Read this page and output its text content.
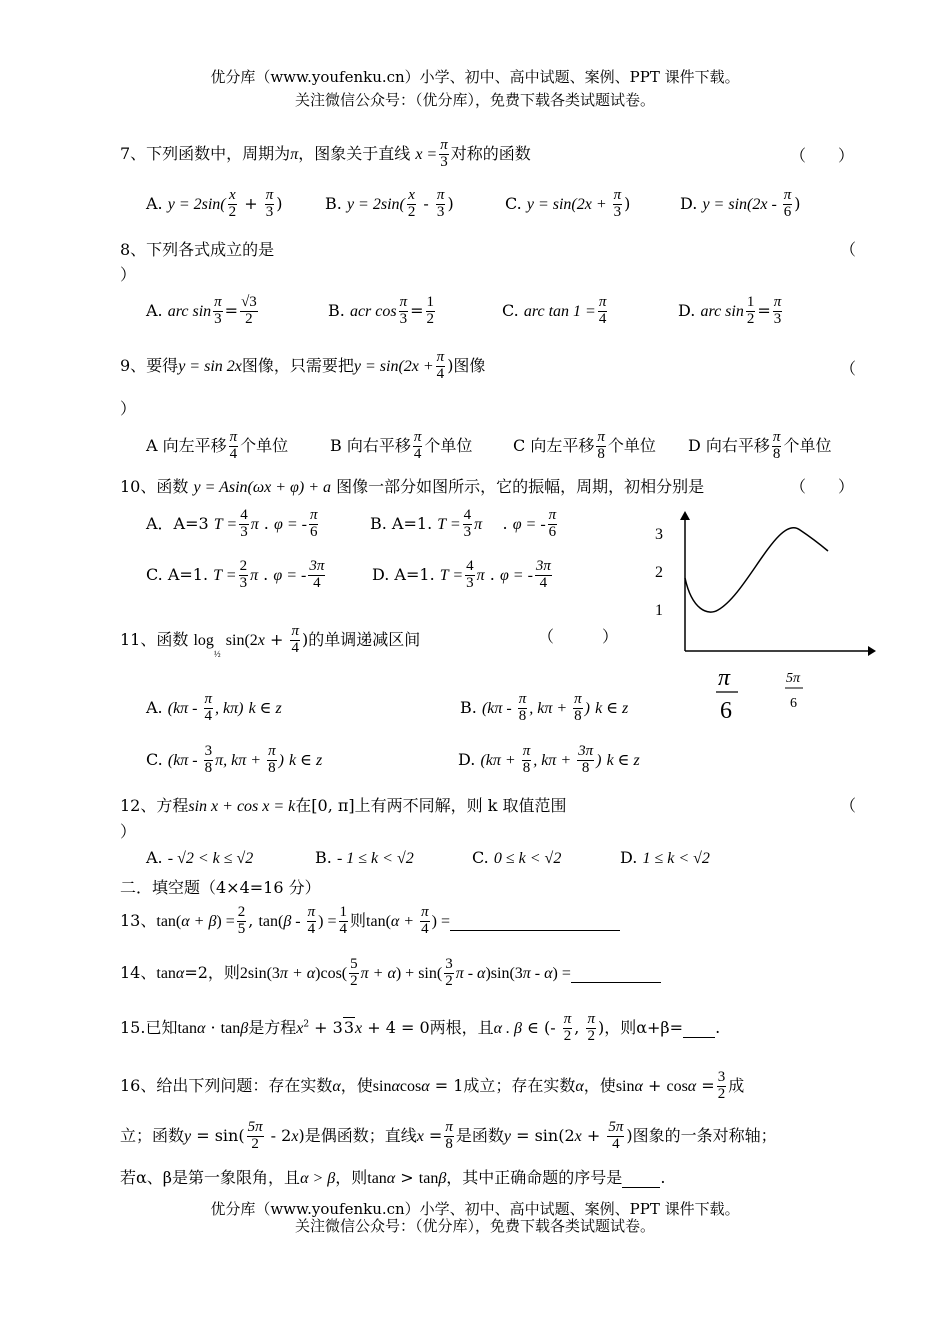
优分库（www.youfenku.cn）小学、初中、高中试题、案例、PPT 课件下载。
关注微信公众号：（优分库），免费下载各类试题试卷。
7、下列函数中，周期为π，图象关于直线 $x = \frac{\pi}{3}$ 对称的函数	（　　）
A. $y = 2\sin( \frac{x}{2} + \frac{\pi}{3}$ )	B. $y = 2\sin( \frac{x}{2} - \frac{\pi}{3}$ )	C. $y = \sin(2x + \frac{\pi}{3}$ )	D. $y = \sin(2x - \frac{\pi}{6}$ )
8、下列各式成立的是	（
）
A. arc $\sin \frac{\pi}{3} = \frac{√3}{2}$	B. acr $\cos \frac{\pi}{3} = \frac{1}{2}$	C. arc $\tan 1 = \frac{\pi}{4}$	D. arc $\sin \frac{1}{2} = \frac{\pi}{3}$
9、要得y = sin 2x图像，只需要把$y = \sin(2x + \frac{\pi}{4}$ )图像	（
）
A 向左平移 $\frac{\pi}{4}$ 个单位	B 向右平移 $\frac{\pi}{4}$ 个单位	C 向左平移 $\frac{\pi}{8}$ 个单位 D 向右平移 $\frac{\pi}{8}$ 个单位
10、函数 y = Asin(ωx + φ) + a 图像一部分如图所示，它的振幅，周期，初相分别是	（　　）
A．A=3 $T = \frac{4}{3}$ π . φ = - $\frac{\pi}{6}$	B. A=1. $T = \frac{4}{3}$ π    . φ = - $\frac{\pi}{6}$
C. A=1. $T = \frac{2}{3}$ π . φ = - $\frac{3\pi}{4}$	D. A=1. $T = \frac{4}{3}$ π . φ = - $\frac{3\pi}{4}$
3
2
1
π
6
5π
6
11、函数 $\log_{\frac{1}{2}} \sin(2x + \frac{\pi}{4}$ )的单调递减区间	（　　　）
A. ($k\pi - \frac{\pi}{4}$ , kπ) k ∈ z	B. ($k\pi - \frac{\pi}{8}$ , $k\pi + \frac{\pi}{8}$ ) k ∈ z
C. ($k\pi - \frac{3}{8} \pi$, $k\pi + \frac{\pi}{8}$ ) k ∈ z	D. ($k\pi + \frac{\pi}{8}$ , $k\pi + \frac{3\pi}{8}$ ) k ∈ z
12、方程sin x + cos x = k在[0, π]上有两不同解，则 k 取值范围	（
）
A. - √2 < k ≤ √2	B. - 1 ≤ k < √2	C. 0 ≤ k < √2	D. 1 ≤ k < √2
二．填空题（4×4=16 分）
13、$\tan(\alpha + \beta) = \frac{2}{5}$ , $\tan(\beta - \frac{\pi}{4}$ ) = $\frac{1}{4}$ 则$\tan(\alpha + \frac{\pi}{4}$ ) =
14、tanα=2，则$2\sin(3\pi + \alpha)\cos( \frac{5}{2}$ $\pi + \alpha) + \sin( \frac{3}{2}$ π - α)sin(3π - α) =
15.已知tanα · tanβ是方程$x^2 + 33x + 4 = 0$两根，且α . β ∈ (- $\frac{\pi}{2}$ , $\frac{\pi}{2}$ )，则α+β= .
16、给出下列问题：存在实数α，使sinαcosα = 1成立；存在实数α，使$\sin\alpha + \cos\alpha = \frac{3}{2}$ 成
立；函数$y = \sin( \frac{5\pi}{2} - 2x)$是偶函数；直线$x = \frac{\pi}{8}$ 是函数$y = \sin(2x + \frac{5\pi}{4}$ )图象的一条对称轴；
若α、β是第一象限角，且α > β，则tanα > tanβ，其中正确命题的序号是 .
优分库（www.youfenku.cn）小学、初中、高中试题、案例、PPT 课件下载。
关注微信公众号：（优分库），免费下载各类试题试卷。
